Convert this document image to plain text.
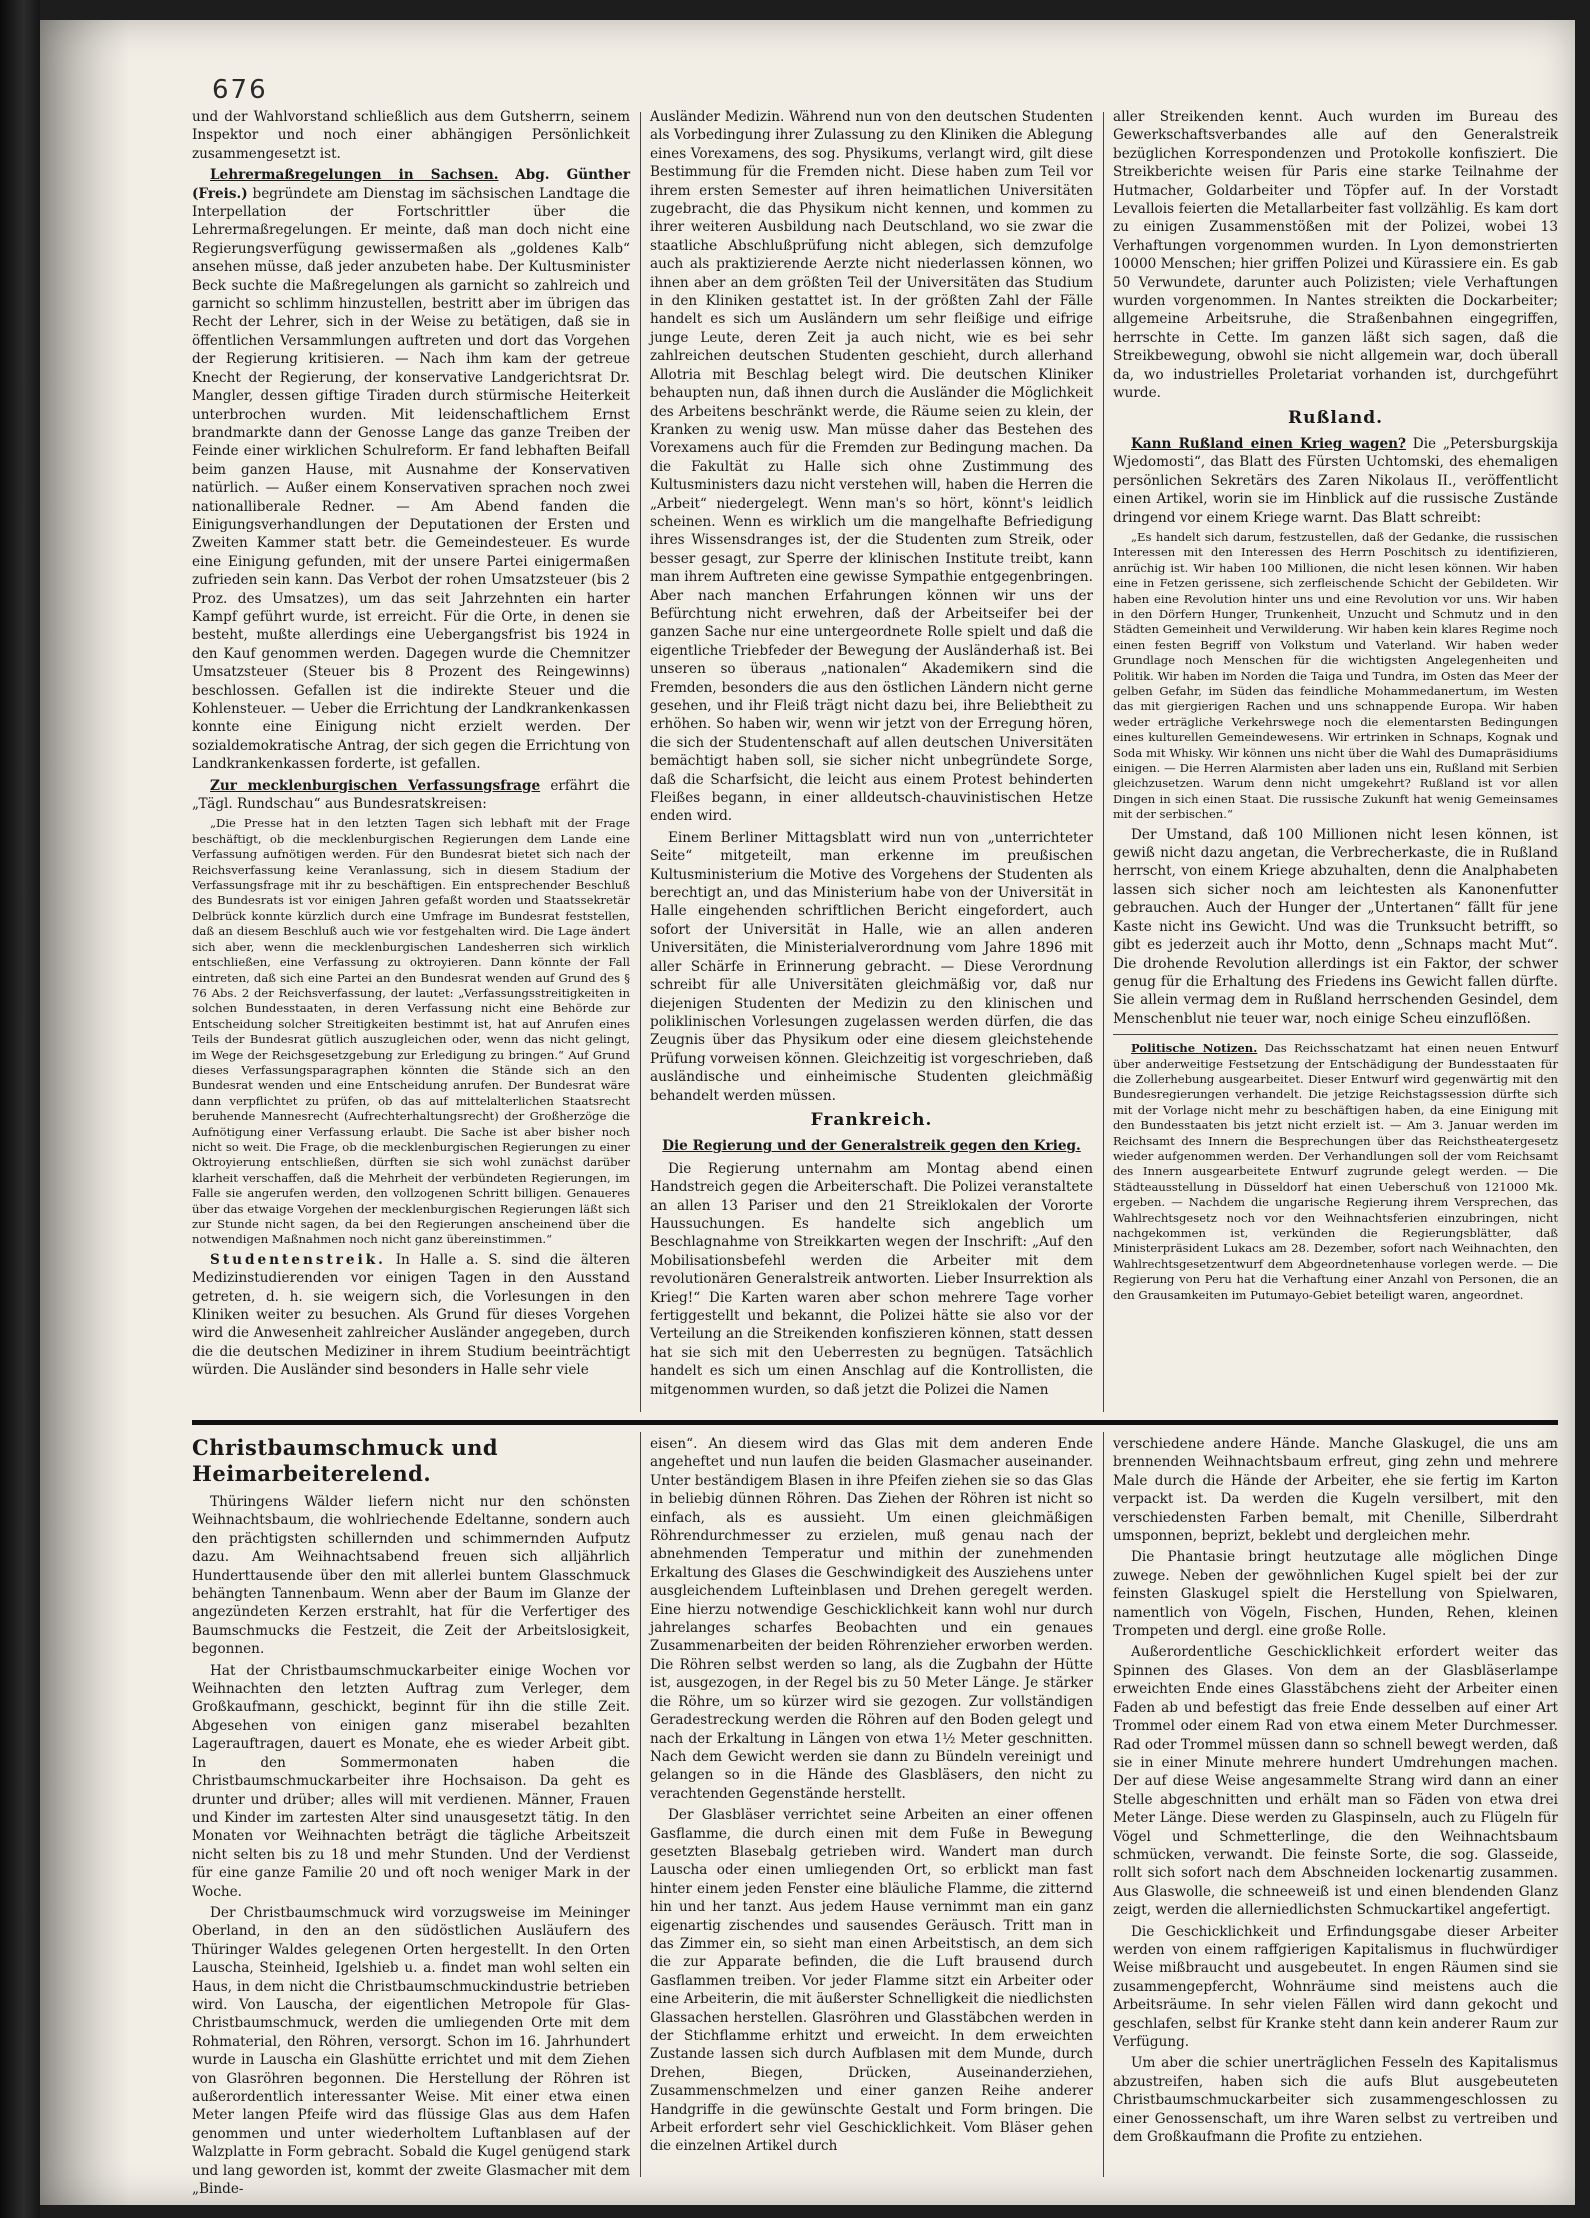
676

und der Wahlvorstand schließlich aus dem Gutsherrn, seinem Inspektor und noch einer abhängigen Persönlichkeit zusammengesetzt ist.

Lehrermaßregelungen in Sachsen. Abg. Günther (Freis.) begründete am Dienstag im sächsischen Landtage die Interpellation der Fortschrittler über die Lehrermaßregelungen. Er meinte, daß man doch nicht eine Regierungsverfügung gewissermaßen als „goldenes Kalb“ ansehen müsse, daß jeder anzubeten habe. Der Kultusminister Beck suchte die Maßregelungen als garnicht so zahlreich und garnicht so schlimm hinzustellen, bestritt aber im übrigen das Recht der Lehrer, sich in der Weise zu betätigen, daß sie in öffentlichen Versammlungen auftreten und dort das Vorgehen der Regierung kritisieren. — Nach ihm kam der getreue Knecht der Regierung, der konservative Landgerichtsrat Dr. Mangler, dessen giftige Tiraden durch stürmische Heiterkeit unterbrochen wurden. Mit leidenschaftlichem Ernst brandmarkte dann der Genosse Lange das ganze Treiben der Feinde einer wirklichen Schulreform. Er fand lebhaften Beifall beim ganzen Hause, mit Ausnahme der Konservativen natürlich. — Außer einem Konservativen sprachen noch zwei nationalliberale Redner. — Am Abend fanden die Einigungsverhandlungen der Deputationen der Ersten und Zweiten Kammer statt betr. die Gemeindesteuer. Es wurde eine Einigung gefunden, mit der unsere Partei einigermaßen zufrieden sein kann. Das Verbot der rohen Umsatzsteuer (bis 2 Proz. des Umsatzes), um das seit Jahrzehnten ein harter Kampf geführt wurde, ist erreicht. Für die Orte, in denen sie besteht, mußte allerdings eine Uebergangsfrist bis 1924 in den Kauf genommen werden. Dagegen wurde die Chemnitzer Umsatzsteuer (Steuer bis 8 Prozent des Reingewinns) beschlossen. Gefallen ist die indirekte Steuer und die Kohlensteuer. — Ueber die Errichtung der Landkrankenkassen konnte eine Einigung nicht erzielt werden. Der sozialdemokratische Antrag, der sich gegen die Errichtung von Landkrankenkassen forderte, ist gefallen.

Zur mecklenburgischen Verfassungsfrage erfährt die „Tägl. Rundschau“ aus Bundesratskreisen:

„Die Presse hat in den letzten Tagen sich lebhaft mit der Frage beschäftigt, ob die mecklenburgischen Regierungen dem Lande eine Verfassung aufnötigen werden. Für den Bundesrat bietet sich nach der Reichsverfassung keine Veranlassung, sich in diesem Stadium der Verfassungsfrage mit ihr zu beschäftigen. Ein entsprechender Beschluß des Bundesrats ist vor einigen Jahren gefaßt worden und Staatssekretär Delbrück konnte kürzlich durch eine Umfrage im Bundesrat feststellen, daß an diesem Beschluß auch wie vor festgehalten wird. Die Lage ändert sich aber, wenn die mecklenburgischen Landesherren sich wirklich entschließen, eine Verfassung zu oktroyieren. Dann könnte der Fall eintreten, daß sich eine Partei an den Bundesrat wenden auf Grund des § 76 Abs. 2 der Reichsverfassung, der lautet: „Verfassungsstreitigkeiten in solchen Bundesstaaten, in deren Verfassung nicht eine Behörde zur Entscheidung solcher Streitigkeiten bestimmt ist, hat auf Anrufen eines Teils der Bundesrat gütlich auszugleichen oder, wenn das nicht gelingt, im Wege der Reichsgesetzgebung zur Erledigung zu bringen.“ Auf Grund dieses Verfassungsparagraphen könnten die Stände sich an den Bundesrat wenden und eine Entscheidung anrufen. Der Bundesrat wäre dann verpflichtet zu prüfen, ob das auf mittelalterlichen Staatsrecht beruhende Mannesrecht (Aufrechterhaltungsrecht) der Großherzöge die Aufnötigung einer Verfassung erlaubt. Die Sache ist aber bisher noch nicht so weit. Die Frage, ob die mecklenburgischen Regierungen zu einer Oktroyierung entschließen, dürften sie sich wohl zunächst darüber klarheit verschaffen, daß die Mehrheit der verbündeten Regierungen, im Falle sie angerufen werden, den vollzogenen Schritt billigen. Genaueres über das etwaige Vorgehen der mecklenburgischen Regierungen läßt sich zur Stunde nicht sagen, da bei den Regierungen anscheinend über die notwendigen Maßnahmen noch nicht ganz übereinstimmen.“

Studentenstreik. In Halle a. S. sind die älteren Medizinstudierenden vor einigen Tagen in den Ausstand getreten, d. h. sie weigern sich, die Vorlesungen in den Kliniken weiter zu besuchen. Als Grund für dieses Vorgehen wird die Anwesenheit zahlreicher Ausländer angegeben, durch die die deutschen Mediziner in ihrem Studium beeinträchtigt würden. Die Ausländer sind besonders in Halle sehr viele

Ausländer Medizin. Während nun von den deutschen Studenten als Vorbedingung ihrer Zulassung zu den Kliniken die Ablegung eines Vorexamens, des sog. Physikums, verlangt wird, gilt diese Bestimmung für die Fremden nicht. Diese haben zum Teil vor ihrem ersten Semester auf ihren heimatlichen Universitäten zugebracht, die das Physikum nicht kennen, und kommen zu ihrer weiteren Ausbildung nach Deutschland, wo sie zwar die staatliche Abschlußprüfung nicht ablegen, sich demzufolge auch als praktizierende Aerzte nicht niederlassen können, wo ihnen aber an dem größten Teil der Universitäten das Studium in den Kliniken gestattet ist. In der größten Zahl der Fälle handelt es sich um Ausländern um sehr fleißige und eifrige junge Leute, deren Zeit ja auch nicht, wie es bei sehr zahlreichen deutschen Studenten geschieht, durch allerhand Allotria mit Beschlag belegt wird. Die deutschen Kliniker behaupten nun, daß ihnen durch die Ausländer die Möglichkeit des Arbeitens beschränkt werde, die Räume seien zu klein, der Kranken zu wenig usw. Man müsse daher das Bestehen des Vorexamens auch für die Fremden zur Bedingung machen. Da die Fakultät zu Halle sich ohne Zustimmung des Kultusministers dazu nicht verstehen will, haben die Herren die „Arbeit“ niedergelegt. Wenn man's so hört, könnt's leidlich scheinen. Wenn es wirklich um die mangelhafte Befriedigung ihres Wissensdranges ist, der die Studenten zum Streik, oder besser gesagt, zur Sperre der klinischen Institute treibt, kann man ihrem Auftreten eine gewisse Sympathie entgegenbringen. Aber nach manchen Erfahrungen können wir uns der Befürchtung nicht erwehren, daß der Arbeitseifer bei der ganzen Sache nur eine untergeordnete Rolle spielt und daß die eigentliche Triebfeder der Bewegung der Ausländerhaß ist. Bei unseren so überaus „nationalen“ Akademikern sind die Fremden, besonders die aus den östlichen Ländern nicht gerne gesehen, und ihr Fleiß trägt nicht dazu bei, ihre Beliebtheit zu erhöhen. So haben wir, wenn wir jetzt von der Erregung hören, die sich der Studentenschaft auf allen deutschen Universitäten bemächtigt haben soll, sie sicher nicht unbegründete Sorge, daß die Scharfsicht, die leicht aus einem Protest behinderten Fleißes begann, in einer alldeutsch-chauvinistischen Hetze enden wird.

Einem Berliner Mittagsblatt wird nun von „unterrichteter Seite“ mitgeteilt, man erkenne im preußischen Kultusministerium die Motive des Vorgehens der Studenten als berechtigt an, und das Ministerium habe von der Universität in Halle eingehenden schriftlichen Bericht eingefordert, auch sofort der Universität in Halle, wie an allen anderen Universitäten, die Ministerialverordnung vom Jahre 1896 mit aller Schärfe in Erinnerung gebracht. — Diese Verordnung schreibt für alle Universitäten gleichmäßig vor, daß nur diejenigen Studenten der Medizin zu den klinischen und poliklinischen Vorlesungen zugelassen werden dürfen, die das Zeugnis über das Physikum oder eine diesem gleichstehende Prüfung vorweisen können. Gleichzeitig ist vorgeschrieben, daß ausländische und einheimische Studenten gleichmäßig behandelt werden müssen.

Frankreich.
Die Regierung und der Generalstreik gegen den Krieg.

Die Regierung unternahm am Montag abend einen Handstreich gegen die Arbeiterschaft. Die Polizei veranstaltete an allen 13 Pariser und den 21 Streiklokalen der Vororte Haussuchungen. Es handelte sich angeblich um Beschlagnahme von Streikkarten wegen der Inschrift: „Auf den Mobilisationsbefehl werden die Arbeiter mit dem revolutionären Generalstreik antworten. Lieber Insurrektion als Krieg!“ Die Karten waren aber schon mehrere Tage vorher fertiggestellt und bekannt, die Polizei hätte sie also vor der Verteilung an die Streikenden konfiszieren können, statt dessen hat sie sich mit den Ueberresten zu begnügen. Tatsächlich handelt es sich um einen Anschlag auf die Kontrollisten, die mitgenommen wurden, so daß jetzt die Polizei die Namen

aller Streikenden kennt. Auch wurden im Bureau des Gewerkschaftsverbandes alle auf den Generalstreik bezüglichen Korrespondenzen und Protokolle konfisziert. Die Streikberichte weisen für Paris eine starke Teilnahme der Hutmacher, Goldarbeiter und Töpfer auf. In der Vorstadt Levallois feierten die Metallarbeiter fast vollzählig. Es kam dort zu einigen Zusammenstößen mit der Polizei, wobei 13 Verhaftungen vorgenommen wurden. In Lyon demonstrierten 10000 Menschen; hier griffen Polizei und Kürassiere ein. Es gab 50 Verwundete, darunter auch Polizisten; viele Verhaftungen wurden vorgenommen. In Nantes streikten die Dockarbeiter; allgemeine Arbeitsruhe, die Straßenbahnen eingegriffen, herrschte in Cette. Im ganzen läßt sich sagen, daß die Streikbewegung, obwohl sie nicht allgemein war, doch überall da, wo industrielles Proletariat vorhanden ist, durchgeführt wurde.

Rußland.

Kann Rußland einen Krieg wagen? Die „Petersburgskija Wjedomosti“, das Blatt des Fürsten Uchtomski, des ehemaligen persönlichen Sekretärs des Zaren Nikolaus II., veröffentlicht einen Artikel, worin sie im Hinblick auf die russische Zustände dringend vor einem Kriege warnt. Das Blatt schreibt:

„Es handelt sich darum, festzustellen, daß der Gedanke, die russischen Interessen mit den Interessen des Herrn Poschitsch zu identifizieren, anrüchig ist. Wir haben 100 Millionen, die nicht lesen können. Wir haben eine in Fetzen gerissene, sich zerfleischende Schicht der Gebildeten. Wir haben eine Revolution hinter uns und eine Revolution vor uns. Wir haben in den Dörfern Hunger, Trunkenheit, Unzucht und Schmutz und in den Städten Gemeinheit und Verwilderung. Wir haben kein klares Regime noch einen festen Begriff von Volkstum und Vaterland. Wir haben weder Grundlage noch Menschen für die wichtigsten Angelegenheiten und Politik. Wir haben im Norden die Taiga und Tundra, im Osten das Meer der gelben Gefahr, im Süden das feindliche Mohammedanertum, im Westen das mit giergierigen Rachen und uns schnappende Europa. Wir haben weder erträgliche Verkehrswege noch die elementarsten Bedingungen eines kulturellen Gemeindewesens. Wir ertrinken in Schnaps, Kognak und Soda mit Whisky. Wir können uns nicht über die Wahl des Dumapräsidiums einigen. — Die Herren Alarmisten aber laden uns ein, Rußland mit Serbien gleichzusetzen. Warum denn nicht umgekehrt? Rußland ist vor allen Dingen in sich einen Staat. Die russische Zukunft hat wenig Gemeinsames mit der serbischen.“

Der Umstand, daß 100 Millionen nicht lesen können, ist gewiß nicht dazu angetan, die Verbrecherkaste, die in Rußland herrscht, von einem Kriege abzuhalten, denn die Analphabeten lassen sich sicher noch am leichtesten als Kanonenfutter gebrauchen. Auch der Hunger der „Untertanen“ fällt für jene Kaste nicht ins Gewicht. Und was die Trunksucht betrifft, so gibt es jederzeit auch ihr Motto, denn „Schnaps macht Mut“. Die drohende Revolution allerdings ist ein Faktor, der schwer genug für die Erhaltung des Friedens ins Gewicht fallen dürfte. Sie allein vermag dem in Rußland herrschenden Gesindel, dem Menschenblut nie teuer war, noch einige Scheu einzuflößen.

Politische Notizen. Das Reichsschatzamt hat einen neuen Entwurf über anderweitige Festsetzung der Entschädigung der Bundesstaaten für die Zollerhebung ausgearbeitet. Dieser Entwurf wird gegenwärtig mit den Bundesregierungen verhandelt. Die jetzige Reichstagssession dürfte sich mit der Vorlage nicht mehr zu beschäftigen haben, da eine Einigung mit den Bundesstaaten bis jetzt nicht erzielt ist. — Am 3. Januar werden im Reichsamt des Innern die Besprechungen über das Reichstheatergesetz wieder aufgenommen werden. Der Verhandlungen soll der vom Reichsamt des Innern ausgearbeitete Entwurf zugrunde gelegt werden. — Die Städteausstellung in Düsseldorf hat einen Ueberschuß von 121000 Mk. ergeben. — Nachdem die ungarische Regierung ihrem Versprechen, das Wahlrechtsgesetz noch vor den Weihnachtsferien einzubringen, nicht nachgekommen ist, verkünden die Regierungsblätter, daß Ministerpräsident Lukacs am 28. Dezember, sofort nach Weihnachten, den Wahlrechtsgesetzentwurf dem Abgeordnetenhause vorlegen werde. — Die Regierung von Peru hat die Verhaftung einer Anzahl von Personen, die an den Grausamkeiten im Putumayo-Gebiet beteiligt waren, angeordnet.

Christbaumschmuck und Heimarbeiterelend.

Thüringens Wälder liefern nicht nur den schönsten Weihnachtsbaum, die wohlriechende Edeltanne, sondern auch den prächtigsten schillernden und schimmernden Aufputz dazu. Am Weihnachtsabend freuen sich alljährlich Hunderttausende über den mit allerlei buntem Glasschmuck behängten Tannenbaum. Wenn aber der Baum im Glanze der angezündeten Kerzen erstrahlt, hat für die Verfertiger des Baumschmucks die Festzeit, die Zeit der Arbeitslosigkeit, begonnen.

Hat der Christbaumschmuckarbeiter einige Wochen vor Weihnachten den letzten Auftrag zum Verleger, dem Großkaufmann, geschickt, beginnt für ihn die stille Zeit. Abgesehen von einigen ganz miserabel bezahlten Lagerauftragen, dauert es Monate, ehe es wieder Arbeit gibt. In den Sommermonaten haben die Christbaumschmuckarbeiter ihre Hochsaison. Da geht es drunter und drüber; alles will mit verdienen. Männer, Frauen und Kinder im zartesten Alter sind unausgesetzt tätig. In den Monaten vor Weihnachten beträgt die tägliche Arbeitszeit nicht selten bis zu 18 und mehr Stunden. Und der Verdienst für eine ganze Familie 20 und oft noch weniger Mark in der Woche.

Der Christbaumschmuck wird vorzugsweise im Meininger Oberland, in den an den südöstlichen Ausläufern des Thüringer Waldes gelegenen Orten hergestellt. In den Orten Lauscha, Steinheid, Igelshieb u. a. findet man wohl selten ein Haus, in dem nicht die Christbaumschmuckindustrie betrieben wird. Von Lauscha, der eigentlichen Metropole für Glas-Christbaumschmuck, werden die umliegenden Orte mit dem Rohmaterial, den Röhren, versorgt. Schon im 16. Jahrhundert wurde in Lauscha ein Glashütte errichtet und mit dem Ziehen von Glasröhren begonnen. Die Herstellung der Röhren ist außerordentlich interessanter Weise. Mit einer etwa einen Meter langen Pfeife wird das flüssige Glas aus dem Hafen genommen und unter wiederholtem Luftanblasen auf der Walzplatte in Form gebracht. Sobald die Kugel genügend stark und lang geworden ist, kommt der zweite Glasmacher mit dem „Binde-

eisen“. An diesem wird das Glas mit dem anderen Ende angeheftet und nun laufen die beiden Glasmacher auseinander. Unter beständigem Blasen in ihre Pfeifen ziehen sie so das Glas in beliebig dünnen Röhren. Das Ziehen der Röhren ist nicht so einfach, als es aussieht. Um einen gleichmäßigen Röhrendurchmesser zu erzielen, muß genau nach der abnehmenden Temperatur und mithin der zunehmenden Erkaltung des Glases die Geschwindigkeit des Ausziehens unter ausgleichendem Lufteinblasen und Drehen geregelt werden. Eine hierzu notwendige Geschicklichkeit kann wohl nur durch jahrelanges scharfes Beobachten und ein genaues Zusammenarbeiten der beiden Röhrenzieher erworben werden. Die Röhren selbst werden so lang, als die Zugbahn der Hütte ist, ausgezogen, in der Regel bis zu 50 Meter Länge. Je stärker die Röhre, um so kürzer wird sie gezogen. Zur vollständigen Geradestreckung werden die Röhren auf den Boden gelegt und nach der Erkaltung in Längen von etwa 1½ Meter geschnitten. Nach dem Gewicht werden sie dann zu Bündeln vereinigt und gelangen so in die Hände des Glasbläsers, den nicht zu verachtenden Gegenstände herstellt.

Der Glasbläser verrichtet seine Arbeiten an einer offenen Gasflamme, die durch einen mit dem Fuße in Bewegung gesetzten Blasebalg getrieben wird. Wandert man durch Lauscha oder einen umliegenden Ort, so erblickt man fast hinter einem jeden Fenster eine bläuliche Flamme, die zitternd hin und her tanzt. Aus jedem Hause vernimmt man ein ganz eigenartig zischendes und sausendes Geräusch. Tritt man in das Zimmer ein, so sieht man einen Arbeitstisch, an dem sich die zur Apparate befinden, die die Luft brausend durch Gasflammen treiben. Vor jeder Flamme sitzt ein Arbeiter oder eine Arbeiterin, die mit äußerster Schnelligkeit die niedlichsten Glassachen herstellen. Glasröhren und Glasstäbchen werden in der Stichflamme erhitzt und erweicht. In dem erweichten Zustande lassen sich durch Aufblasen mit dem Munde, durch Drehen, Biegen, Drücken, Auseinanderziehen, Zusammenschmelzen und einer ganzen Reihe anderer Handgriffe in die gewünschte Gestalt und Form bringen. Die Arbeit erfordert sehr viel Geschicklichkeit. Vom Bläser gehen die einzelnen Artikel durch

verschiedene andere Hände. Manche Glaskugel, die uns am brennenden Weihnachtsbaum erfreut, ging zehn und mehrere Male durch die Hände der Arbeiter, ehe sie fertig im Karton verpackt ist. Da werden die Kugeln versilbert, mit den verschiedensten Farben bemalt, mit Chenille, Silberdraht umsponnen, beprizt, beklebt und dergleichen mehr.

Die Phantasie bringt heutzutage alle möglichen Dinge zuwege. Neben der gewöhnlichen Kugel spielt bei der zur feinsten Glaskugel spielt die Herstellung von Spielwaren, namentlich von Vögeln, Fischen, Hunden, Rehen, kleinen Trompeten und dergl. eine große Rolle.

Außerordentliche Geschicklichkeit erfordert weiter das Spinnen des Glases. Von dem an der Glasbläserlampe erweichten Ende eines Glasstäbchens zieht der Arbeiter einen Faden ab und befestigt das freie Ende desselben auf einer Art Trommel oder einem Rad von etwa einem Meter Durchmesser. Rad oder Trommel müssen dann so schnell bewegt werden, daß sie in einer Minute mehrere hundert Umdrehungen machen. Der auf diese Weise angesammelte Strang wird dann an einer Stelle abgeschnitten und erhält man so Fäden von etwa drei Meter Länge. Diese werden zu Glaspinseln, auch zu Flügeln für Vögel und Schmetterlinge, die den Weihnachtsbaum schmücken, verwandt. Die feinste Sorte, die sog. Glasseide, rollt sich sofort nach dem Abschneiden lockenartig zusammen. Aus Glaswolle, die schneeweiß ist und einen blendenden Glanz zeigt, werden die allerniedlichsten Schmuckartikel angefertigt.

Die Geschicklichkeit und Erfindungsgabe dieser Arbeiter werden von einem raffgierigen Kapitalismus in fluchwürdiger Weise mißbraucht und ausgebeutet. In engen Räumen sind sie zusammengepfercht, Wohnräume sind meistens auch die Arbeitsräume. In sehr vielen Fällen wird dann gekocht und geschlafen, selbst für Kranke steht dann kein anderer Raum zur Verfügung.

Um aber die schier unerträglichen Fesseln des Kapitalismus abzustreifen, haben sich die aufs Blut ausgebeuteten Christbaumschmuckarbeiter sich zusammengeschlossen zu einer Genossenschaft, um ihre Waren selbst zu vertreiben und dem Großkaufmann die Profite zu entziehen.
